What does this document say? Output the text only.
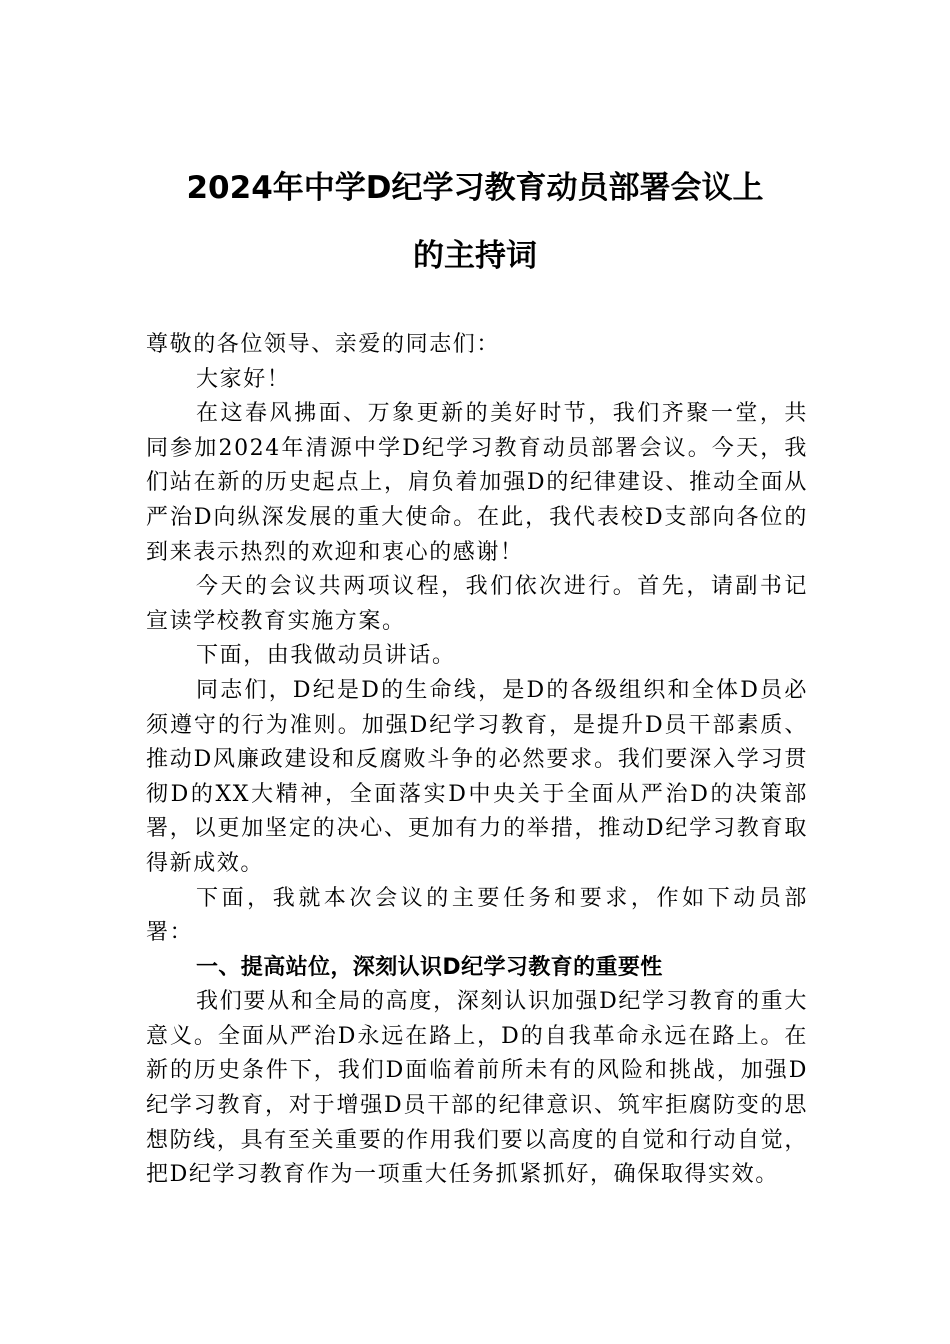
2024年中学D纪学习教育动员部署会议上
的主持词

尊敬的各位领导、亲爱的同志们：

大家好！

在这春风拂面、万象更新的美好时节，我们齐聚一堂，共同参加2024年清源中学D纪学习教育动员部署会议。今天，我们站在新的历史起点上，肩负着加强D的纪律建设、推动全面从严治D向纵深发展的重大使命。在此，我代表校D支部向各位的到来表示热烈的欢迎和衷心的感谢！

今天的会议共两项议程，我们依次进行。首先，请副书记宣读学校教育实施方案。

下面，由我做动员讲话。

同志们，D纪是D的生命线，是D的各级组织和全体D员必须遵守的行为准则。加强D纪学习教育，是提升D员干部素质、推动D风廉政建设和反腐败斗争的必然要求。我们要深入学习贯彻D的XX大精神，全面落实D中央关于全面从严治D的决策部署，以更加坚定的决心、更加有力的举措，推动D纪学习教育取得新成效。

下面，我就本次会议的主要任务和要求，作如下动员部署：

一、提高站位，深刻认识D纪学习教育的重要性

我们要从和全局的高度，深刻认识加强D纪学习教育的重大意义。全面从严治D永远在路上，D的自我革命永远在路上。在新的历史条件下，我们D面临着前所未有的风险和挑战，加强D纪学习教育，对于增强D员干部的纪律意识、筑牢拒腐防变的思想防线，具有至关重要的作用我们要以高度的自觉和行动自觉，把D纪学习教育作为一项重大任务抓紧抓好，确保取得实效。
